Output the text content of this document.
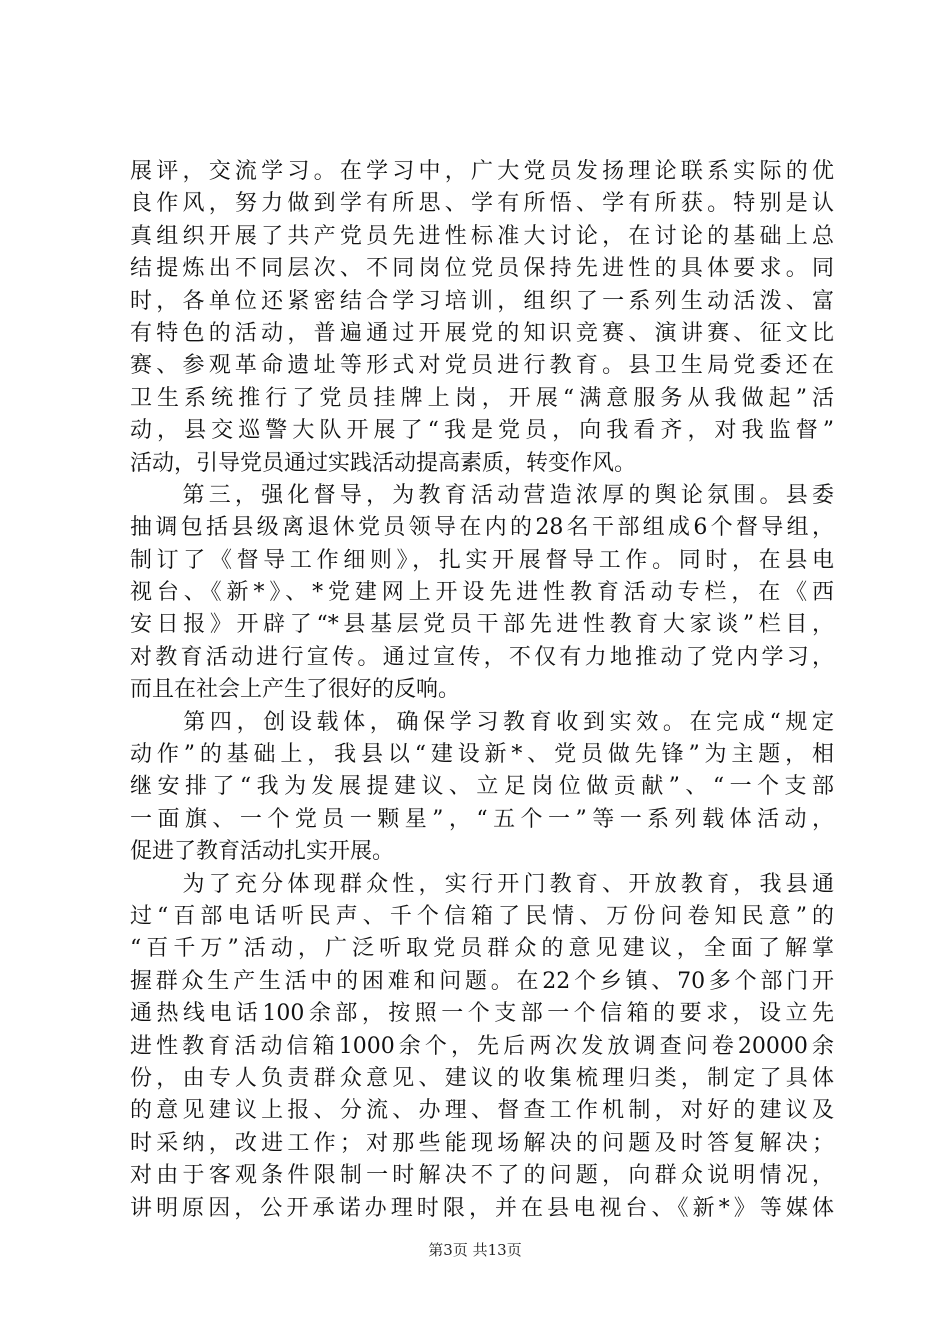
展评，交流学习。在学习中，广大党员发扬理论联系实际的优
良作风，努力做到学有所思、学有所悟、学有所获。特别是认
真组织开展了共产党员先进性标准大讨论，在讨论的基础上总
结提炼出不同层次、不同岗位党员保持先进性的具体要求。同
时，各单位还紧密结合学习培训，组织了一系列生动活泼、富
有特色的活动，普遍通过开展党的知识竞赛、演讲赛、征文比
赛、参观革命遗址等形式对党员进行教育。县卫生局党委还在
卫生系统推行了党员挂牌上岗，开展“满意服务从我做起”活
动，县交巡警大队开展了“我是党员，向我看齐，对我监督”
活动，引导党员通过实践活动提高素质，转变作风。
　　第三，强化督导，为教育活动营造浓厚的舆论氛围。县委
抽调包括县级离退休党员领导在内的28名干部组成6个督导组，
制订了《督导工作细则》，扎实开展督导工作。同时，在县电
视台、《新*》、*党建网上开设先进性教育活动专栏，在《西
安日报》开辟了“*县基层党员干部先进性教育大家谈”栏目，
对教育活动进行宣传。通过宣传，不仅有力地推动了党内学习，
而且在社会上产生了很好的反响。
　　第四，创设载体，确保学习教育收到实效。在完成“规定
动作”的基础上，我县以“建设新*、党员做先锋”为主题，相
继安排了“我为发展提建议、立足岗位做贡献”、“一个支部
一面旗、一个党员一颗星”，“五个一”等一系列载体活动，
促进了教育活动扎实开展。
　　为了充分体现群众性，实行开门教育、开放教育，我县通
过“百部电话听民声、千个信箱了民情、万份问卷知民意”的
“百千万”活动，广泛听取党员群众的意见建议，全面了解掌
握群众生产生活中的困难和问题。在22个乡镇、70多个部门开
通热线电话100余部，按照一个支部一个信箱的要求，设立先
进性教育活动信箱1000余个，先后两次发放调查问卷20000余
份，由专人负责群众意见、建议的收集梳理归类，制定了具体
的意见建议上报、分流、办理、督查工作机制，对好的建议及
时采纳，改进工作；对那些能现场解决的问题及时答复解决；
对由于客观条件限制一时解决不了的问题，向群众说明情况，
讲明原因，公开承诺办理时限，并在县电视台、《新*》等媒体
第3页 共13页
